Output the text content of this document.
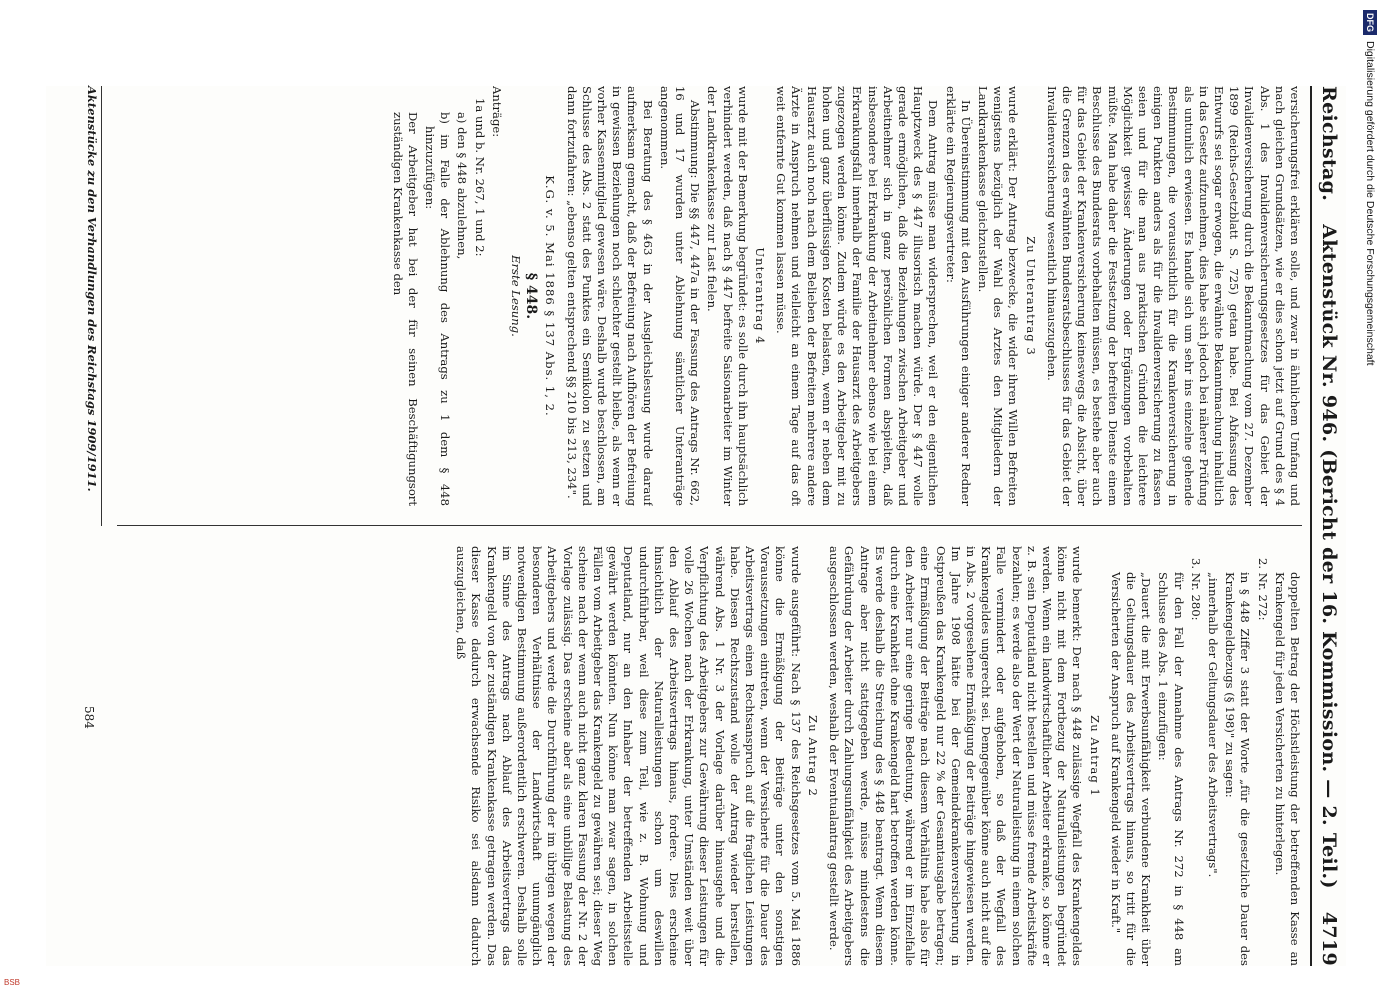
Reichstag.
Aktenstück Nr. 946. (Bericht der 16. Kommission. — 2. Teil.)
4719

versicherungsfrei erklären solle, und zwar in ähnlichem Umfang und nach gleichen Grundsätzen, wie er dies schon jetzt auf Grund des § 4 Abs. 1 des Invalidenversicherungsgesetzes für das Gebiet der Invalidenversicherung durch die Bekanntmachung vom 27. Dezember 1899 (Reichs-Gesetzblatt S. 725) getan habe. Bei Abfassung des Entwurfs sei sogar erwogen, die erwähnte Bekanntmachung inhaltlich in das Gesetz aufzunehmen, dies habe sich jedoch bei näherer Prüfung als untunlich erwiesen. Es handle sich um sehr ins einzelne gehende Bestimmungen, die voraussichtlich für die Krankenversicherung in einigen Punkten anders als für die Invalidenversicherung zu fassen seien und für die man aus praktischen Gründen die leichtere Möglichkeit gewisser Änderungen oder Ergänzungen vorbehalten müßte. Man habe daher die Festsetzung der befreiten Dienste einem Beschlusse des Bundesrats vorbehalten müssen, es bestehe aber auch für das Gebiet der Krankenversicherung keineswegs die Absicht, über die Grenzen des erwähnten Bundesratsbeschlusses für das Gebiet der Invalidenversicherung wesentlich hinauszugehen.

Zu Unterantrag 3

wurde erklärt: Der Antrag bezwecke, die wider ihren Willen Befreiten wenigstens bezüglich der Wahl des Arztes den Mitgliedern der Landkrankenkasse gleichzustellen.

In Übereinstimmung mit den Ausführungen einiger anderer Redner erklärte ein Regierungsvertreter:

Dem Antrag müsse man widersprechen, weil er den eigentlichen Hauptzweck des § 447 illusorisch machen würde. Der § 447 wolle gerade ermöglichen, daß die Beziehungen zwischen Arbeitgeber und Arbeitnehmer sich in ganz persönlichen Formen abspielten, daß insbesondere bei Erkrankung der Arbeitnehmer ebenso wie bei einem Erkrankungsfall innerhalb der Familie der Hausarzt des Arbeitgebers zugezogen werden könne. Zudem würde es den Arbeitgeber mit zu hohen und ganz überflüssigen Kosten belasten, wenn er neben dem Hausarzt auch noch nach dem Belieben der Befreiten mehrere andere Ärzte in Anspruch nehmen und vielleicht an einem Tage auf das oft weit entfernte Gut kommen lassen müsse.

Unterantrag 4

wurde mit der Bemerkung begründet: es solle durch ihn hauptsächlich verhindert werden, daß nach § 447 befreite Saisonarbeiter im Winter der Landkrankenkasse zur Last fielen.

Abstimmung: Die §§ 447, 447a in der Fassung des Antrags Nr. 662, 16 und 17 wurden unter Ablehnung sämtlicher Unteranträge angenommen.

Bei Beratung des § 463 in der Ausgleichslesung wurde darauf aufmerksam gemacht, daß der Befreiung nach Aufhören der Befreiung in gewissen Beziehungen noch schlechter gestellt bleibe, als wenn er vorher Kassenmitglied gewesen wäre. Deshalb wurde beschlossen, am Schlusse des Abs. 2 statt des Punktes ein Semikolon zu setzen und dann fortzufahren: „ebenso gelten entsprechend §§ 210 bis 213, 234".

K.G. v. 5. Mai 1886 § 137 Abs. 1, 2.

§ 448.

Erste Lesung.

Anträge:

1a und b. Nr. 267, 1 und 2:

a) den § 448 abzulehnen,

b) im Falle der Ablehnung des Antrags zu 1 dem § 448 hinzuzufügen:

Der Arbeitgeber hat bei der für seinen Beschäftigungsort zuständigen Krankenkasse den

doppelten Betrag der Höchstleistung der betreffenden Kasse an Krankengeld für jeden Versicherten zu hinterlegen.

2. Nr. 272:

in § 448 Ziffer 3 statt der Worte „für die gesetzliche Dauer des Krankengeldbezugs (§ 198)" zu sagen:

„innerhalb der Geltungsdauer des Arbeitsvertrags".

3. Nr. 280:

für den Fall der Annahme des Antrags Nr. 272 in § 448 am Schlusse des Abs. 1 einzufügen:

„Dauert die mit Erwerbsunfähigkeit verbundene Krankheit über die Geltungsdauer des Arbeitsvertrags hinaus, so tritt für die Versicherten der Anspruch auf Krankengeld wieder in Kraft."

Zu Antrag 1

wurde bemerkt: Der nach § 448 zulässige Wegfall des Krankengeldes könne nicht mit dem Fortbezug der Naturalleistungen begründet werden. Wenn ein landwirtschaftlicher Arbeiter erkranke, so könne er z. B. sein Deputatland nicht bestellen und müsse fremde Arbeitskräfte bezahlen; es werde also der Wert der Naturalleistung in einem solchen Falle vermindert oder aufgehoben, so daß der Wegfall des Krankengeldes ungerecht sei. Demgegenüber könne auch nicht auf die in Abs. 2 vorgesehene Ermäßigung der Beiträge hingewiesen werden. Im Jahre 1908 hätte bei der Gemeindekrankenversicherung in Ostpreußen das Krankengeld nur 22 % der Gesamtausgabe betragen; eine Ermäßigung der Beiträge nach diesem Verhältnis habe also für den Arbeiter nur eine geringe Bedeutung, während er im Einzelfalle durch eine Krankheit ohne Krankengeld hart betroffen werden könne. Es werde deshalb die Streichung des § 448 beantragt. Wenn diesem Antrage aber nicht stattgegeben werde, müsse mindestens die Gefährdung der Arbeiter durch Zahlungsunfähigkeit des Arbeitgebers ausgeschlossen werden, weshalb der Eventualantrag gestellt werde.

Zu Antrag 2

wurde ausgeführt: Nach § 137 des Reichsgesetzes vom 5. Mai 1886 könne die Ermäßigung der Beiträge unter den sonstigen Voraussetzungen eintreten, wenn der Versicherte für die Dauer des Arbeitsvertrags einen Rechtsanspruch auf die fraglichen Leistungen habe. Diesen Rechtszustand wolle der Antrag wieder herstellen, während Abs. 1 Nr. 3 der Vorlage darüber hinausgehe und die Verpflichtung des Arbeitgebers zur Gewährung dieser Leistungen für volle 26 Wochen nach der Erkrankung, unter Umständen weit über den Ablauf des Arbeitsvertrags hinaus, fordere. Dies erscheine hinsichtlich der Naturalleistungen schon um deswillen undurchführbar, weil diese zum Teil, wie z. B. Wohnung und Deputatland, nur an den Inhaber der betreffenden Arbeitsstelle gewährt werden könnten. Nun könne man zwar sagen, in solchen Fällen vom Arbeitgeber das Krankengeld zu gewähren sei; dieser Weg scheine nach der wenn auch nicht ganz klaren Fassung der Nr. 2 der Vorlage zulässig. Das erscheine aber als eine unbillige Belastung des Arbeitgebers und werde die Durchführung der im übrigen wegen der besonderen Verhältnisse der Landwirtschaft unumgänglich notwendigen Bestimmung außerordentlich erschweren. Deshalb solle im Sinne des Antrags nach Ablauf des Arbeitsvertrags das Krankengeld von der zuständigen Krankenkasse getragen werden. Das dieser Kasse dadurch erwachsende Risiko sei alsdann dadurch auszugleichen, daß

Aktenstücke zu den Verhandlungen des Reichstags 1909/1911.
584
DFGDigitalisierung gefördert durch die Deutsche Forschungsgemeinschaft
BSB
